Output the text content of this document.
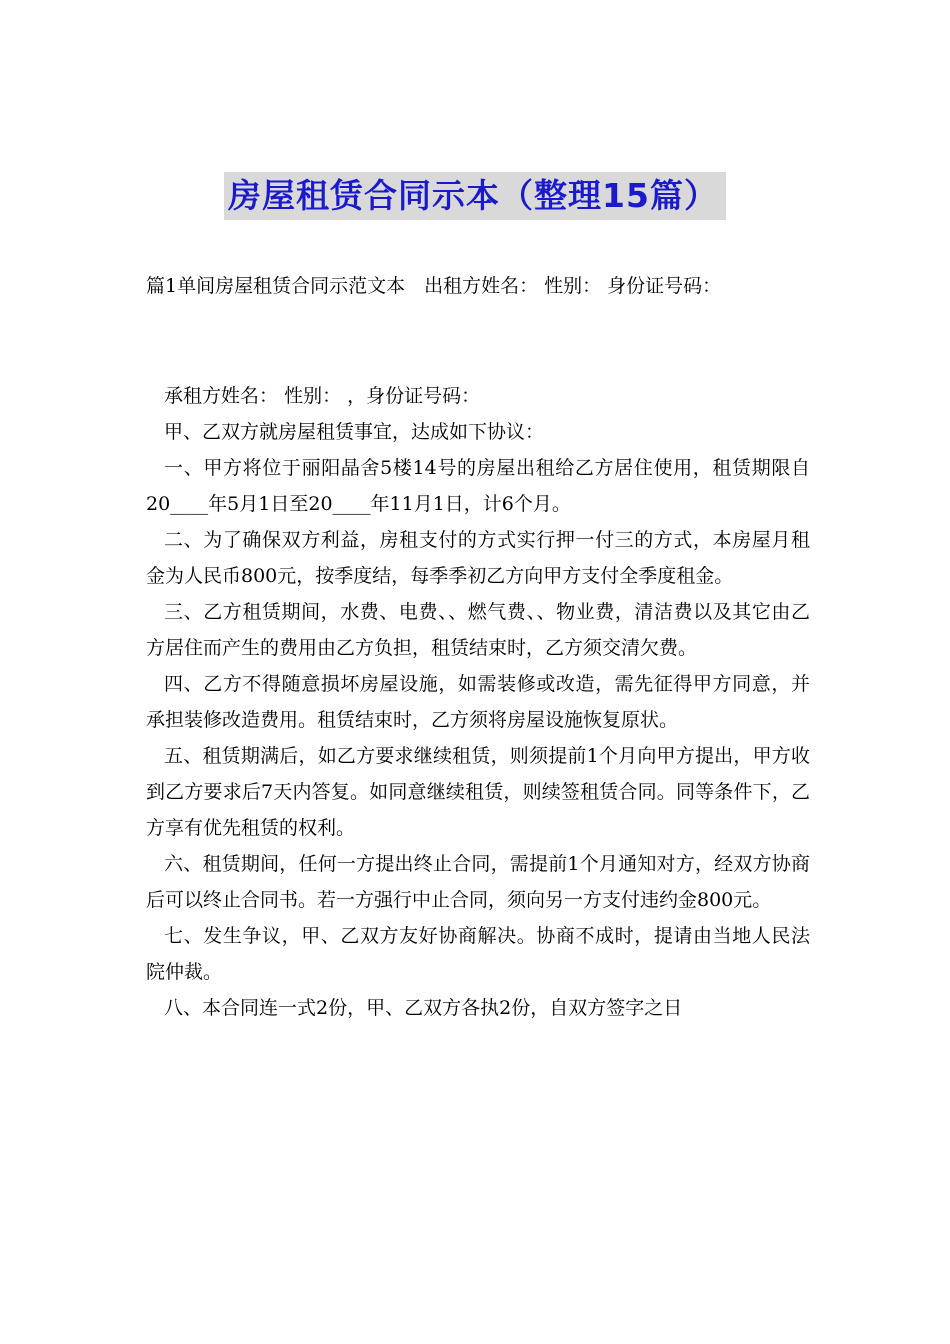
房屋租赁合同示本（整理15篇）
篇1单间房屋租赁合同示范文本　出租方姓名： 性别： 身份证号码：

承租方姓名： 性别： ，身份证号码：

甲、乙双方就房屋租赁事宜，达成如下协议：

一、甲方将位于丽阳晶舍5楼14号的房屋出租给乙方居住使用，租赁期限自20____年5月1日至20____年11月1日，计6个月。

二、为了确保双方利益，房租支付的方式实行押一付三的方式，本房屋月租金为人民币800元，按季度结，每季季初乙方向甲方支付全季度租金。

三、乙方租赁期间，水费、电费、、燃气费、、物业费，清洁费以及其它由乙方居住而产生的费用由乙方负担，租赁结束时，乙方须交清欠费。

四、乙方不得随意损坏房屋设施，如需装修或改造，需先征得甲方同意，并承担装修改造费用。租赁结束时，乙方须将房屋设施恢复原状。

五、租赁期满后，如乙方要求继续租赁，则须提前1个月向甲方提出，甲方收到乙方要求后7天内答复。如同意继续租赁，则续签租赁合同。同等条件下，乙方享有优先租赁的权利。

六、租赁期间，任何一方提出终止合同，需提前1个月通知对方，经双方协商后可以终止合同书。若一方强行中止合同，须向另一方支付违约金800元。

七、发生争议，甲、乙双方友好协商解决。协商不成时，提请由当地人民法院仲裁。

八、本合同连一式2份，甲、乙双方各执2份，自双方签字之日
